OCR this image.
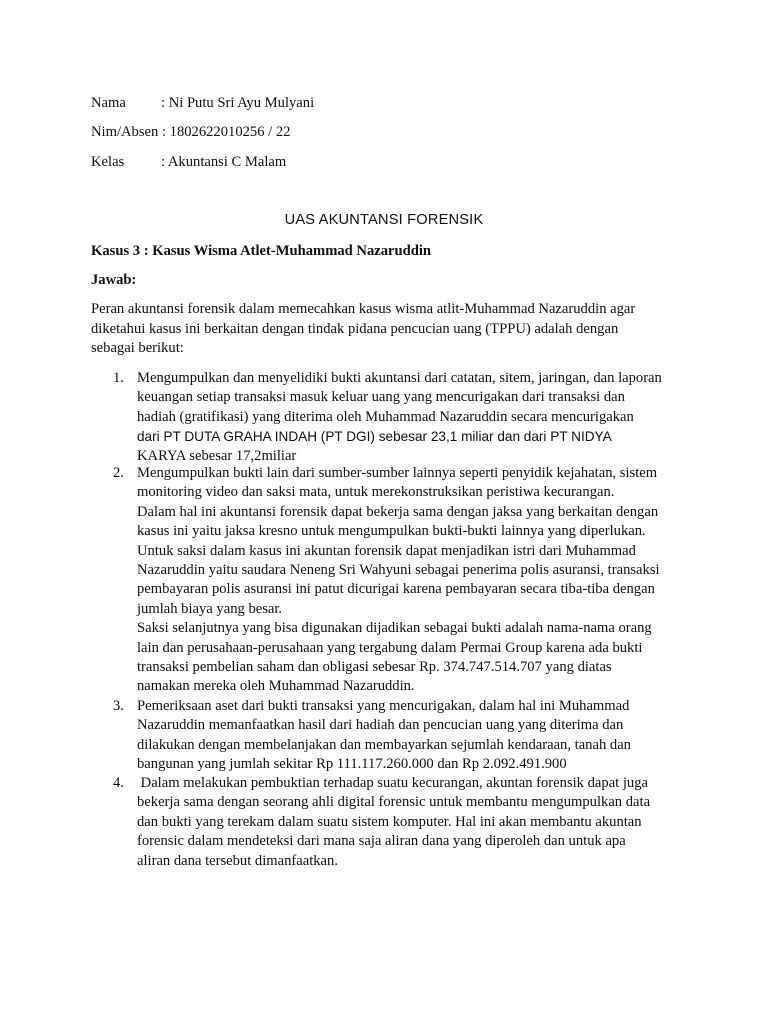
Nama : Ni Putu Sri Ayu Mulyani
Nim/Absen : 1802622010256 / 22
Kelas	: Akuntansi C Malam
UAS AKUNTANSI FORENSIK
Kasus 3 : Kasus Wisma Atlet-Muhammad Nazaruddin
Jawab:
Peran akuntansi forensik dalam memecahkan kasus wisma atlit-Muhammad Nazaruddin agar
diketahui kasus ini berkaitan dengan tindak pidana pencucian uang (TPPU) adalah dengan
sebagai berikut:
1. Mengumpulkan dan menyelidiki bukti akuntansi dari catatan, sitem, jaringan, dan laporan
keuangan setiap transaksi masuk keluar uang yang mencurigakan dari transaksi dan
hadiah (gratifikasi) yang diterima oleh Muhammad Nazaruddin secara mencurigakan
dari PT DUTA GRAHA INDAH (PT DGI) sebesar 23,1 miliar dan dari PT NIDYA
KARYA sebesar 17,2miliar
2. Mengumpulkan bukti lain dari sumber-sumber lainnya seperti penyidik kejahatan, sistem
monitoring video dan saksi mata, untuk merekonstruksikan peristiwa kecurangan.
Dalam hal ini akuntansi forensik dapat bekerja sama dengan jaksa yang berkaitan dengan
kasus ini yaitu jaksa kresno untuk mengumpulkan bukti-bukti lainnya yang diperlukan.
Untuk saksi dalam kasus ini akuntan forensik dapat menjadikan istri dari Muhammad
Nazaruddin yaitu saudara Neneng Sri Wahyuni sebagai penerima polis asuransi, transaksi
pembayaran polis asuransi ini patut dicurigai karena pembayaran secara tiba-tiba dengan
jumlah biaya yang besar.
Saksi selanjutnya yang bisa digunakan dijadikan sebagai bukti adalah nama-nama orang
lain dan perusahaan-perusahaan yang tergabung dalam Permai Group karena ada bukti
transaksi pembelian saham dan obligasi sebesar Rp. 374.747.514.707 yang diatas
namakan mereka oleh Muhammad Nazaruddin.
3. Pemeriksaan aset dari bukti transaksi yang mencurigakan, dalam hal ini Muhammad
Nazaruddin memanfaatkan hasil dari hadiah dan pencucian uang yang diterima dan
dilakukan dengan membelanjakan dan membayarkan sejumlah kendaraan, tanah dan
bangunan yang jumlah sekitar Rp 111.117.260.000 dan Rp 2.092.491.900
4. Dalam melakukan pembuktian terhadap suatu kecurangan, akuntan forensik dapat juga
bekerja sama dengan seorang ahli digital forensic untuk membantu mengumpulkan data
dan bukti yang terekam dalam suatu sistem komputer. Hal ini akan membantu akuntan
forensic dalam mendeteksi dari mana saja aliran dana yang diperoleh dan untuk apa
aliran dana tersebut dimanfaatkan.
